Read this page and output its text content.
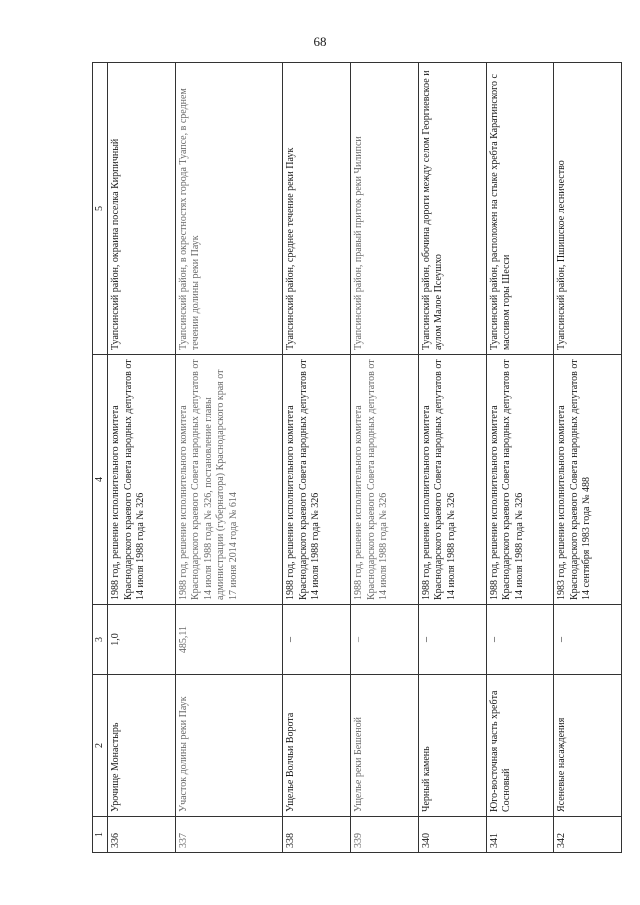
68
1	2	3	4	5
336	Урочище Монастырь	1,0	1988 год, решение исполнительного комитета Краснодарского краевого Совета народных депутатов от 14 июля 1988 года № 326	Туапсинский район, окраина поселка Кирпичный
337	Участок долины реки Паук	485,11	1988 год, решение исполнительного комитета Краснодарского краевого Совета народных депутатов от 14 июля 1988 года № 326, постановление главы администрации (губернатора) Краснодарского края от 17 июня 2014 года № 614	Туапсинский район, в окрестностях города Туапсе, в среднем течении долины реки Паук
338	Ущелье Волчьи Ворота	–	1988 год, решение исполнительного комитета Краснодарского краевого Совета народных депутатов от 14 июля 1988 года № 326	Туапсинский район, среднее течение реки Паук
339	Ущелье реки Бешеной	–	1988 год, решение исполнительного комитета Краснодарского краевого Совета народных депутатов от 14 июля 1988 года № 326	Туапсинский район, правый приток реки Чилипси
340	Черный камень	–	1988 год, решение исполнительного комитета Краснодарского краевого Совета народных депутатов от 14 июля 1988 года № 326	Туапсинский район, обочина дороги между селом Георгиевское и аулом Малое Псеушхо
341	Юго-восточная часть хребта Сосновый	–	1988 год, решение исполнительного комитета Краснодарского краевого Совета народных депутатов от 14 июля 1988 года № 326	Туапсинский район, расположен на стыке хребта Каратинского с массивом горы Шесси
342	Ясеневые насаждения	–	1983 год, решение исполнительного комитета Краснодарского краевого Совета народных депутатов от 14 сентября 1983 года № 488	Туапсинский район, Пшишское лесничество
